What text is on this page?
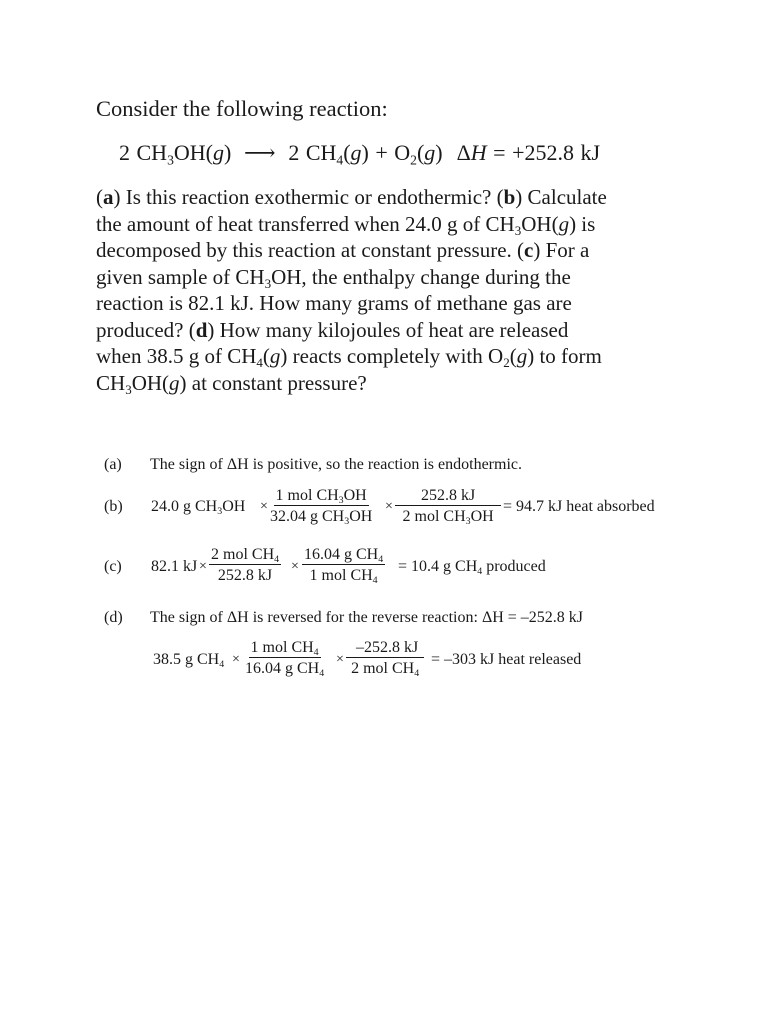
Consider the following reaction:
2 $CH_3OH(g)$ ⟶ 2 $CH_4(g) + O_2(g) \Delta H = +252.8$ kJ
(a) Is this reaction exothermic or endothermic? (b) Calculate
the amount of heat transferred when 24.0 g of $CH_3OH(g)$ is
decomposed by this reaction at constant pressure. (c) For a
given sample of $CH_3OH$, the enthalpy change during the
reaction is 82.1 kJ. How many grams of methane gas are
produced? (d) How many kilojoules of heat are released
when 38.5 g of $CH_4(g)$ reacts completely with $O_2(g)$ to form
$CH_3OH(g)$ at constant pressure?
(a) The sign of ΔH is positive, so the reaction is endothermic.
(b) 24.0 g $CH_3OH$ ×
1 mol $CH_3OH$
32.04 g $CH_3OH$
×
252.8 kJ
2 mol $CH_3OH$
= 94.7 kJ heat absorbed
(c) 82.1 kJ ×
2 mol $CH_4$
252.8 kJ
×
16.04 g $CH_4$
1 mol $CH_4$
= 10.4 g $CH_4$ produced
(d) The sign of ΔH is reversed for the reverse reaction: ΔH = –252.8 kJ
38.5 g $CH_4$ ×
1 mol $CH_4$
16.04 g $CH_4$
×
–252.8 kJ
2 mol $CH_4$
= –303 kJ heat released
